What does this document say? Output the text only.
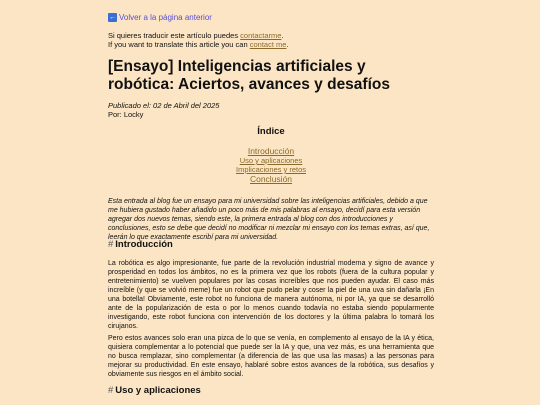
← Volver a la página anterior
Si quieres traducir este artículo puedes contactarme.
If you want to translate this article you can contact me.
[Ensayo] Inteligencias artificiales y robótica: Aciertos, avances y desafíos
Publicado el: 02 de Abril del 2025
Por: Locky
Índice
Introducción
Uso y aplicaciones
Implicaciones y retos
Conclusión

Esta entrada al blog fue un ensayo para mi universidad sobre las inteligencias artificiales, debido a que me hubiera gustado haber añadido un poco más de mis palabras al ensayo, decidí para esta versión agregar dos nuevos temas, siendo este, la primera entrada al blog con dos introducciones y conclusiones, esto se debe que decidí no modificar ni mezclar mi ensayo con los temas extras, así que, leerán lo que exactamente escribí para mi universidad.

# Introducción

La robótica es algo impresionante, fue parte de la revolución industrial moderna y signo de avance y prosperidad en todos los ámbitos, no es la primera vez que los robots (fuera de la cultura popular y entretenimiento) se vuelven populares por las cosas increíbles que nos pueden ayudar. El caso más increíble (y que se volvió meme) fue un robot que pudo pelar y coser la piel de una uva sin dañarla ¡En una botella! Obviamente, este robot no funciona de manera autónoma, ni por IA, ya que se desarrolló ante de la popularización de esta o por lo menos cuando todavía no estaba siendo popularmente investigando, este robot funciona con intervención de los doctores y la última palabra lo tomará los cirujanos.

Pero estos avances solo eran una pizca de lo que se venía, en complemento al ensayo de la IA y ética, quisiera complementar a lo potencial que puede ser la IA y que, una vez más, es una herramienta que no busca remplazar, sino complementar (a diferencia de las que usa las masas) a las personas para mejorar su productividad. En este ensayo, hablaré sobre estos avances de la robótica, sus desafíos y obviamente sus riesgos en el ámbito social.

# Uso y aplicaciones
